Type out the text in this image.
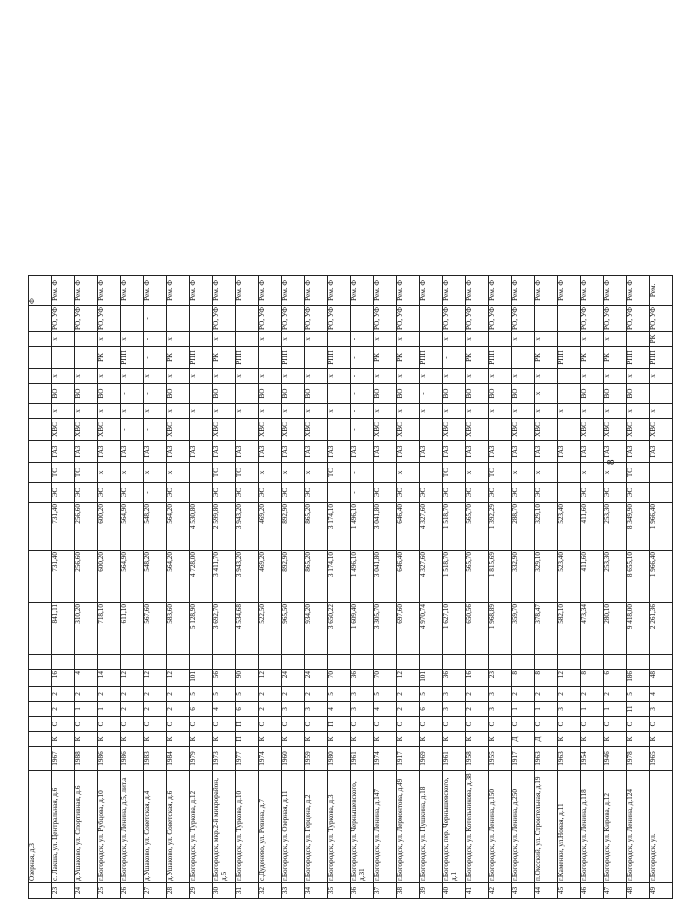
8
	Озерная, д.3																					Ф
23	с. Лакша, ул. Центральная, д.6	1967	К	С	2	2	16		841,11	731,40	731,40	ЭС	ТС	ГАЗ	ХВС	х	ВО	х		х	РО, УФ	Рем. Ф
24	д.Ушаково, ул. Спортивная, д.6	1988	К	С	1	2	4		310,20	256,60	256,60	ЭС	ТС	ГАЗ	ХВС	х	ВО	х			РО, УФ	Рем. Ф
25	г.Богородск, ул. Рубцова, д.10	1986	К	С	1	2	14		718,10	600,20	600,20	ЭС	х	ГАЗ	ХВС	х	ВО	х	РК	х	РО, УФ	Рем. Ф
26	г.Богородск, ул. Ленина, д.5, лит.а	1986	К	С	2	2	12		611,10	564,90	564,90	ЭС	х	ГАЗ	-	х	-	х	РПП	х		Рем. Ф
27	д.Ушаково, ул. Советская, д.4	1983	К	С	2	2	12		567,60	548,20	548,20	-	х	ГАЗ	-	х	-	х	-	-	-	Рем. Ф
28	д.Ушаково, ул. Советская, д.6	1984	К	С	2	2	12		583,60	564,20	564,20	ЭС	х	ГАЗ	ХВС	х	ВО	х	РК	х		Рем. Ф
29	г.Богородск, ул. Туркова, д.12	1979	К	С	6	5	101		5 128,90	4 728,00	4 530,80			ГАЗ		х		х	РПП			Рем. Ф
30	г.Богородск, мкр.2-й микрорайон, д.5	1973	К	С	4	5	56		3 692,70	3 411,70	2 599,80	ЭС	ТС	ГАЗ	ХВС	х	ВО	х	РК	х	РО, УФ	Рем. Ф
31	г.Богородск, ул. Туркова, д.10	1977	П	П	6	5	90		4 534,68	3 943,20	3 943,20	ЭС	ТС	ГАЗ		х		х	РПП			Рем. Ф
32	с.Дуденево, ул. Ревина, д.7	1974	К	С	2	2	12		522,50	469,20	469,20	ЭС	х	ГАЗ	ХВС	х	ВО	х		х	РО, УФ	Рем. Ф
33	г.Богородск, ул. Озерная, д.11	1960	К	С	3	2	24		965,50	892,90	892,90	ЭС	х	ГАЗ	ХВС	х	ВО	х	РПП	х	РО, УФ	Рем. Ф
34	г.Богородск, ул. Герцена, д.2	1959	К	С	3	2	24		934,20	865,20	865,20	ЭС	х	ГАЗ	ХВС	х	ВО	х		х	РО, УФ	Рем. Ф
35	г.Богородск, ул. Туркова, д.3	1980	К	П	4	5	70		3 650,22	3 174,10	3 174,10		ТС	ГАЗ		х		х	РПП		РО, УФ	Рем. Ф
36	г.Богородск, ул. Чернышевского, д.31	1961	К	С	3	3	36		1 609,40	1 496,10	1 496,10	-	-	ГАЗ	-	-	-	-	-	-		Рем. Ф
37	г.Богородск, ул. Ленина, д.147	1974	К	С	4	5	70		3 305,70	3 041,80	3 041,80	ЭС		ГАЗ	ХВС	х	ВО	х	РК	х	РО, УФ	Рем. Ф
38	г.Богородск, ул. Лермонтова, д.49	1917	К	С	2	2	12		697,60	646,40	646,40	ЭС	х	ГАЗ	ХВС	х	ВО	х	РК	х	РО, УФ	Рем. Ф
39	г.Богородск, ул. Пушкина, д.18	1969	К	С	6	5	101		4 970,74	4 327,60	4 327,60	ЭС		ГАЗ		х	-	х	РПП			Рем. Ф
40	г.Богородск, пер. Чернышевского, д.1	1961	К	С	3	3	36		1 627,10	1 518,70	1 518,70	ЭС	ТС	ГАЗ	ХВС	х	ВО	х	-	х	РО, УФ	Рем. Ф
41	г.Богородск, ул. Котельникова, д.38	1958	К	С	2	2	16		650,56	565,70	565,70	ЭС	х	ГАЗ	ХВС	х	ВО	х	РК	х	РО, УФ	Рем. Ф
42	г.Богородск, ул. Ленина, д.150	1955	К	С	3	3	23		1 968,89	1 815,69	1 392,29	ЭС	ТС	ГАЗ		х	ВО	х	РПП		РО, УФ	Рем. Ф
43	г.Богородск, ул. Ленина, д.250	1917	Д	С	1	2	8		359,70	332,90	288,70	ЭС	х	ГАЗ	ХВС	х	ВО	х		х	РО, УФ	Рем. Ф
44	п.Оксский, ул. Строительная, д.19	1963	Д	С	1	2	8		378,47	329,10	329,10	ЭС	х	ГАЗ	ХВС	х	х	х	РК	х		Рем. Ф
45	г.Каменки, ул.Новая, д.11	1963	К	С	3	2	12		582,10	523,40	523,40			ГАЗ		х			РПП			Рем. Ф
46	г.Богородск, ул. Ленина, д.118	1954	К	С	1	2	8		473,34	411,60	411,60	ЭС	х	ГАЗ	ХВС	х	ВО	х	РК	х	РО, УФ	Рем. Ф
47	г.Богородск, ул. Кирова, д.12	1946	К	С	1	2	6		280,10	253,30	253,30	ЭС	х	ГАЗ	ХВС	х	ВО	х	РК	х	РО, УФ	Рем. Ф
48	г.Богородск, ул. Ленина, д.124	1978	К	С	11	5	186		9 418,00	8 655,10	8 349,90	ЭС	ТС	ГАЗ	ХВС	х	ВО	х	РПП		РО, УФ	Рем. Ф
49	г.Богородск, ул.	1965	К	С	3	4	48		2 261,36	1 966,40	1 966,40			ГАЗ	ХВС	х		х	РПП	РК	РО, УФ	Рем.
